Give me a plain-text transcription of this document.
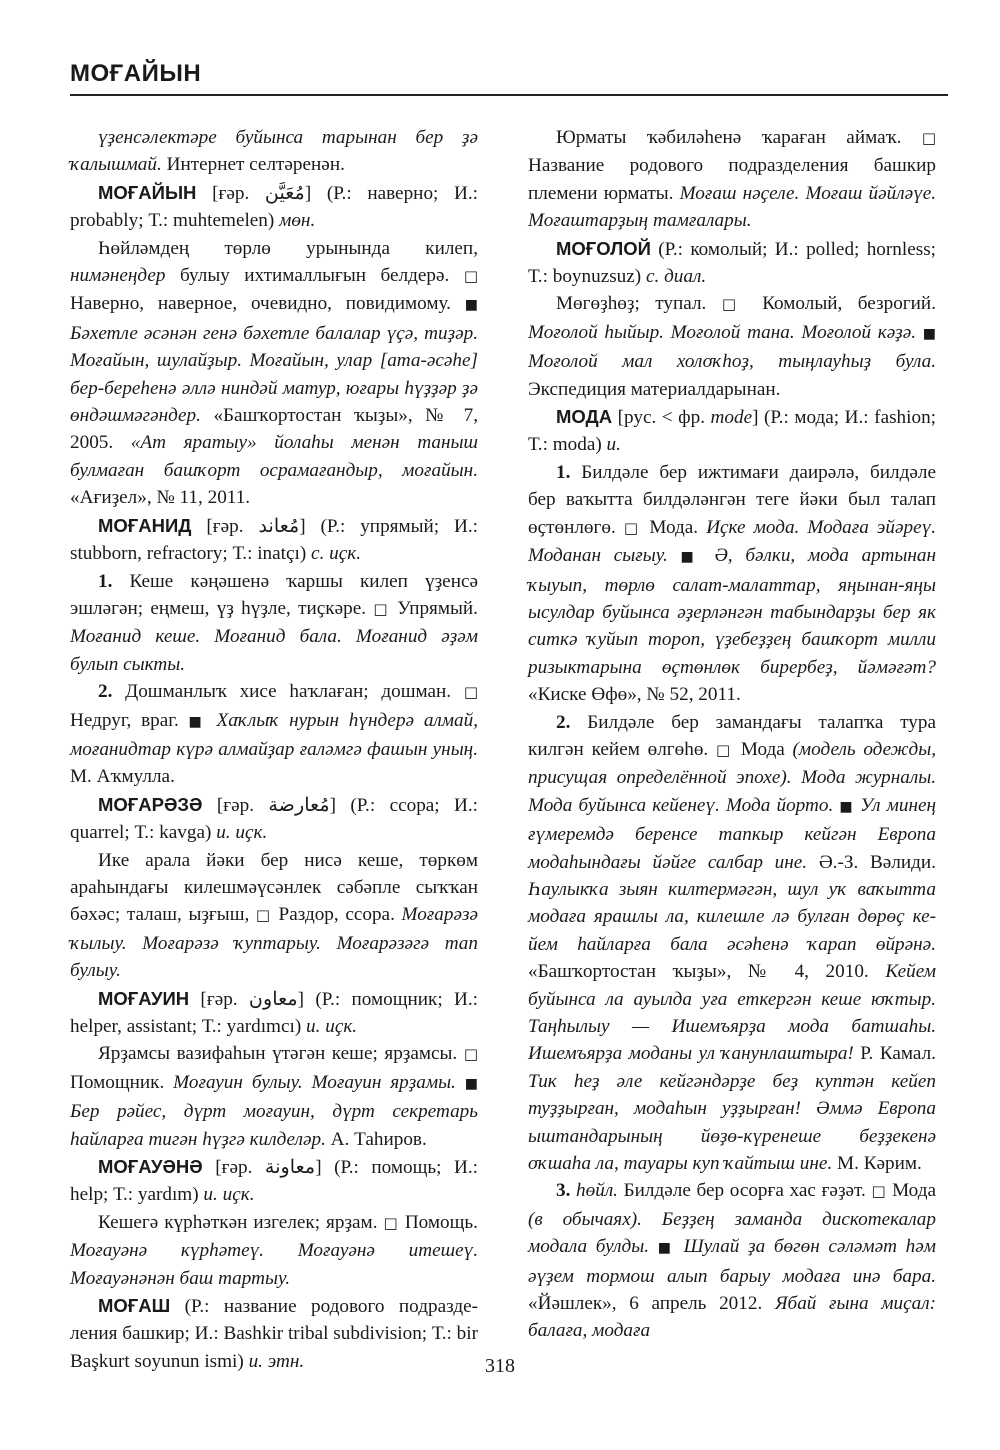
МОҒАЙЫН

үҙенсәлектәре буйынса тарынан бер ҙә ҡалышмай. Интернет селтәренән.

МОҒАЙЫН [ғәр. مُعَيَّن] (Р.: наверно; И.: probably; Т.: muhtemelen) мөн.

Һөйләмдең төрлө урынында килеп, нимәнеңдер булыу ихтималлығын белдерә. □ Наверно, наверное, очевидно, повидимому. ■ Бәхетле әсәнән генә бәхетле балалар үҫә, тиҙәр. Моғайын, шулайҙыр. Моғайын, улар [ата-әсәһе] бер-береһенә әллә ниндәй матур, юғары һүҙҙәр ҙә өндәшмәгәндер. «Башҡортостан ҡыҙы», № 7, 2005. «Ат яратыу» йолаһы менән таныш булмаған башҡорт осрамағандыр, моғайын. «Ағиҙел», № 11, 2011.

МОҒАНИД [ғәр. مُعاند] (Р.: упрямый; И.: stubborn, refractory; Т.: inatçı) с. иҫк.

1. Кеше кәңәшенә ҡаршы килеп үҙенсә эшләгән; еңмеш, үҙ һүҙле, тиҫкәре. □ Упрямый. Моғанид кеше. Моғанид бала. Моғанид әҙәм булып сыкты.

2. Дошманлыҡ хисе һаҡлаған; дошман. □ Недруг, враг. ■ Хаҡлыҡ нурын һүндерә алмай, моғанидтар күрә алмайҙар ғаләмгә фашын уның. М. Аҡмулла.

МОҒАРӘЗӘ [ғәр. مُعارضة] (Р.: ссора; И.: quarrel; Т.: kavga) и. иҫк.

Ике арала йәки бер нисә кеше, төркөм араһындағы килешмәүсәнлек сәбәпле сыҡҡан бәхәс; талаш, ыҙғыш, □ Раздор, ссора. Моғарәзә ҡылыу. Моғарәзә ҡуптарыу. Моғарәзәгә тап булыу.

МОҒАУИН [ғәр. معاون] (Р.: помощник; И.: helper, assistant; Т.: yardımcı) и. иҫк.

Ярҙамсы вазифаһын үтәгән кеше; ярҙамсы. □ Помощник. Моғауин булыу. Моғауин ярҙамы. ■ Бер рәйес, дүрт моғауин, дүрт секретарь һайларға тигән һүҙгә килделәр. А. Таһиров.

МОҒАУӘНӘ [ғәр. معاونة] (Р.: помощь; И.: help; Т.: yardım) и. иҫк.

Кешегә күрһәткән изгелек; ярҙам. □ Помощь. Моғауәнә күрһәтеү. Моғауәнә итешеү. Моғауәнәнән баш тартыу.

МОҒАШ (Р.: название родового подразделения башкир; И.: Bashkir tribal subdivision; Т.: bir Başkurt soyunun ismi) и. этн.

Юрматы ҡәбиләһенә ҡараған аймаҡ. □ Название родового подразделения башкир племени юрматы. Моғаш нәҫеле. Моғаш йәйләүе. Моғаштарҙың тамғалары.

МОҒОЛОЙ (Р.: комолый; И.: polled; hornless; Т.: boynuzsuz) с. диал.

Мөгөҙһөҙ; тупал. □ Комолый, безрогий. Моғолой һыйыр. Моғолой тана. Моғолой кәҙә. ■ Моғолой мал холоҡһоҙ, тыңлауһыҙ була. Экспедиция материалдарынан.

МОДА [рус. < фр. mode] (Р.: мода; И.: fashion; Т.: moda) и.

1. Билдәле бер ижтимағи даирәлә, билдәле бер ваҡытта билдәләнгән теге йәки был талап өҫтөнлөгө. □ Мода. Иҫке мода. Модаға эйәреү. Моданан сығыу. ■ Ә, бәлки, мода артынан ҡыуып, төрлө салат-малаттар, яңынан-яңы ысулдар буйынса әҙерләнгән табындарҙы бер як ситкә ҡуйып тороп, үҙебеҙҙең башҡорт милли ризыктарына өҫтөнлөк бирербеҙ, йәмәғәт? «Киске Өфө», № 52, 2011.

2. Билдәле бер замандағы талапҡа тура килгән кейем өлгөһө. □ Мода (модель одежды, присущая определённой эпохе). Мода журналы. Мода буйынса кейенеү. Мода йорто. ■ Ул минең ғүмеремдә беренсе тапкыр кейгән Европа модаһындағы йәйге салбар ине. Ә.-З. Вәлиди. Һаулыкҡа зыян килтермәгән, шул уҡ ваҡытта модаға ярашлы ла, килешле лә булған дөрөҫ кейем һайларға бала әсәһенә ҡарап өйрәнә. «Башҡортостан ҡыҙы», № 4, 2010. Кейем буйынса ла ауылда уға еткергән кеше юҡтыр. Таңһылыу — Ишемъярҙа мода батшаһы. Ишемъярҙа моданы ул ҡанунлаштыра! Р. Камал. Тик һеҙ әле кейгәндәрҙе беҙ куптән кейеп туҙҙырған, модаһын уҙҙырған! Әммә Европа ыштандарының йөҙө-күренеше беҙҙекенә оҡшаһа ла, тауары куп ҡайтыш ине. М. Кәрим.

3. һөйл. Билдәле бер осорға хас ғәҙәт. □ Мода (в обычаях). Беҙҙең заманда дискотекалар модала булды. ■ Шулай ҙа бөгөн сәләмәт һәм әүҙем тормош алып барыу модаға инә бара. «Йәшлек», 6 апрель 2012. Ябай ғына миҫал: балаға, модаға

318
